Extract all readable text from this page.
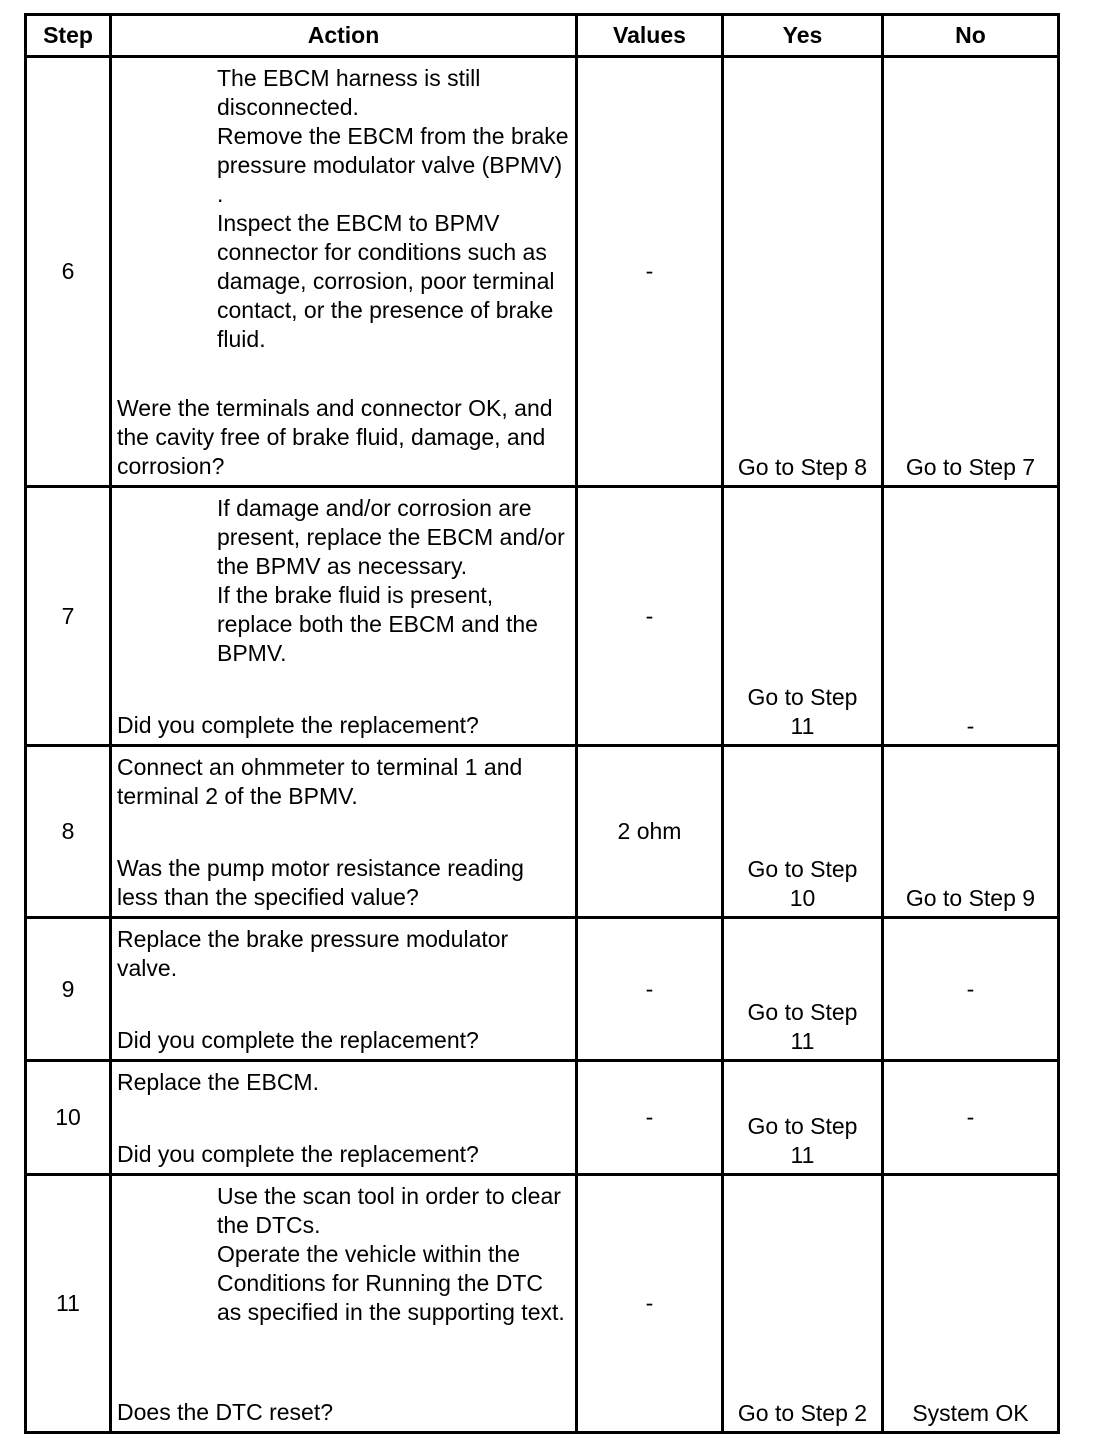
Step	Action	Values	Yes	No
6	The EBCM harness is still disconnected.
Remove the EBCM from the brake pressure modulator valve (BPMV) .
Inspect the EBCM to BPMV connector for conditions such as damage, corrosion, poor terminal contact, or the presence of brake fluid.
Were the terminals and connector OK, and the cavity free of brake fluid, damage, and corrosion?	-	Go to Step 8	Go to Step 7
7	If damage and/or corrosion are present, replace the EBCM and/or the BPMV as necessary.
If the brake fluid is present, replace both the EBCM and the BPMV.
Did you complete the replacement?	-	Go to Step 11	-
8	Connect an ohmmeter to terminal 1 and terminal 2 of the BPMV.
Was the pump motor resistance reading less than the specified value?	2 ohm	Go to Step 10	Go to Step 9
9	Replace the brake pressure modulator valve.
Did you complete the replacement?	-	Go to Step 11	-
10	Replace the EBCM.
Did you complete the replacement?	-	Go to Step 11	-
11	Use the scan tool in order to clear the DTCs.
Operate the vehicle within the Conditions for Running the DTC as specified in the supporting text.
Does the DTC reset?	-	Go to Step 2	System OK
